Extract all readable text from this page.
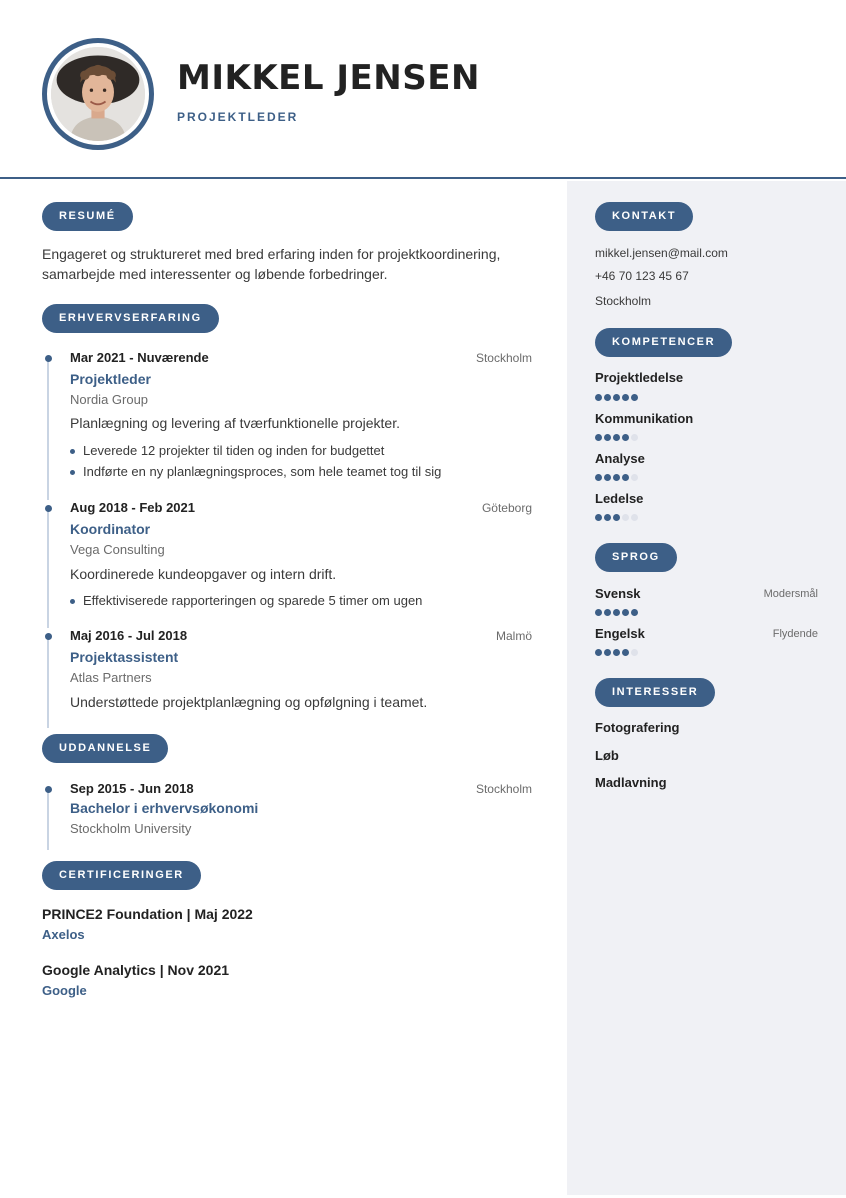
MIKKEL JENSEN
PROJEKTLEDER
RESUMÉ
Engageret og struktureret med bred erfaring inden for projektkoordinering,
samarbejde med interessenter og løbende forbedringer.
ERHVERVSERFARING
Mar 2021 - Nuværende	Stockholm
Projektleder
Nordia Group
Planlægning og levering af tværfunktionelle projekter.
Leverede 12 projekter til tiden og inden for budgettet
Indførte en ny planlægningsproces, som hele teamet tog til sig
Aug 2018 - Feb 2021	Göteborg
Koordinator
Vega Consulting
Koordinerede kundeopgaver og intern drift.
Effektiviserede rapporteringen og sparede 5 timer om ugen
Maj 2016 - Jul 2018	Malmö
Projektassistent
Atlas Partners
Understøttede projektplanlægning og opfølgning i teamet.
UDDANNELSE
Sep 2015 - Jun 2018	Stockholm
Bachelor i erhvervsøkonomi
Stockholm University
CERTIFICERINGER
PRINCE2 Foundation | Maj 2022
Axelos
Google Analytics | Nov 2021
Google
KONTAKT
mikkel.jensen@mail.com
+46 70 123 45 67
Stockholm
KOMPETENCER
Projektledelse
Kommunikation
Analyse
Ledelse
SPROG
Svensk	Modersmål
Engelsk	Flydende
INTERESSER
Fotografering
Løb
Madlavning
